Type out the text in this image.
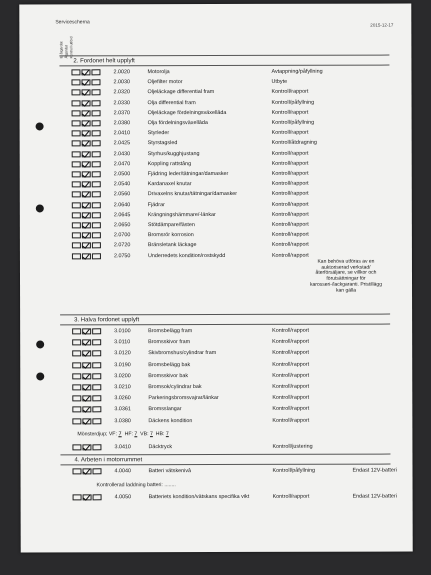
Servicescherna	2015-12-17
Ej åtgärdat Åtgärdat Kontroll utförd
2. Fordonet helt upplyft
2.0020	Motorolja	Avtappning/påfyllning
2.0030	Oljefilter motor	Utbyte
2.0320	Oljeläckage differential fram	Kontroll/rapport
2.0330	Olja differential fram	Kontroll/påfyllning
2.0370	Oljeläckage fördelningsväxellåda	Kontroll/rapport
2.0380	Olja fördelningsväxellåda	Kontroll/påfyllning
2.0410	Styrleder	Kontroll/rapport
2.0425	Styrstagsled	Kontroll/åtdragning
2.0430	Styrhus/kugghjustang	Kontroll/rapport
2.0470	Koppling rattstång	Kontroll/rapport
2.0500	Fjädring leder/tätningar/damasker	Kontroll/rapport
2.0540	Kardanaxel knutar	Kontroll/rapport
2.0560	Drivaxelns knutar/tätningar/damasker	Kontroll/rapport
2.0640	Fjädrar	Kontroll/rapport
2.0645	Krängningshämmare/-länkar	Kontroll/rapport
2.0650	Stötdämpare/fästen	Kontroll/rapport
2.0700	Bromsrör korrosion	Kontroll/rapport
2.0720	Bränsletank läckage	Kontroll/rapport
2.0750	Underredets kondition/rostskydd	Kontroll/rapport
Kan behöva utföras av en auktoriserad verkstad/återförsäljare, se villkor och förutsättningar för karosseri-/lackgaranti. Pristillägg kan gälla
3. Halva fordonet upplyft
3.0100	Bromsbelägg fram	Kontroll/rapport
3.0110	Bromsskivor fram	Kontroll/rapport
3.0120	Skivbromshus/cylindrar fram	Kontroll/rapport
3.0190	Bromsbelägg bak	Kontroll/rapport
3.0200	Bromsskivor bak	Kontroll/rapport
3.0210	Bromsok/cylindrar bak	Kontroll/rapport
3.0260	Parkeringsbromsvajrar/länkar	Kontroll/rapport
3.0361	Bromsslangar	Kontroll/rapport
3.0380	Däckens kondition	Kontroll/rapport
Mönsterdjup; VF: 7 HF: 7 VB: 7 HB: 7
3.0410	Däcktryck	Kontroll/justering
4. Arbeten i motorrummet
4.0040	Batteri vätskenivå	Kontroll/påfyllning	Endast 12V-batteri
Kontrollerad laddning batteri: ........
4.0050	Batteriets kondition/vätskans specifika vikt	Kontroll/rapport	Endast 12V-batteri
